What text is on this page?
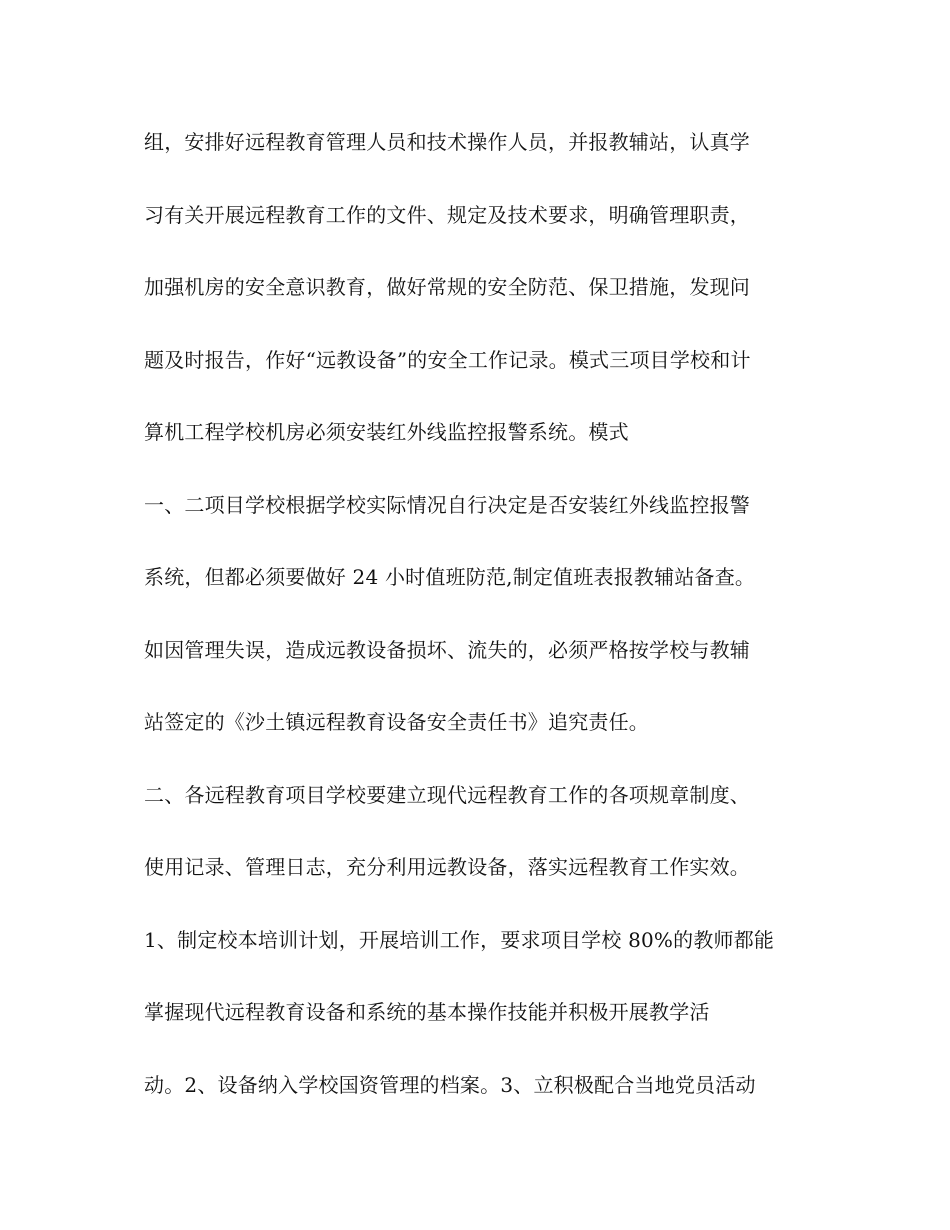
组，安排好远程教育管理人员和技术操作人员，并报教辅站，认真学
习有关开展远程教育工作的文件、规定及技术要求，明确管理职责，
加强机房的安全意识教育，做好常规的安全防范、保卫措施，发现问
题及时报告，作好“远教设备”的安全工作记录。模式三项目学校和计
算机工程学校机房必须安装红外线监控报警系统。模式
一、二项目学校根据学校实际情况自行决定是否安装红外线监控报警
系统，但都必须要做好 24 小时值班防范,制定值班表报教辅站备查。
如因管理失误，造成远教设备损坏、流失的，必须严格按学校与教辅
站签定的《沙土镇远程教育设备安全责任书》追究责任。
二、各远程教育项目学校要建立现代远程教育工作的各项规章制度、
使用记录、管理日志，充分利用远教设备，落实远程教育工作实效。
1、制定校本培训计划，开展培训工作，要求项目学校 80%的教师都能
掌握现代远程教育设备和系统的基本操作技能并积极开展教学活
动。2、设备纳入学校国资管理的档案。3、立积极配合当地党员活动
